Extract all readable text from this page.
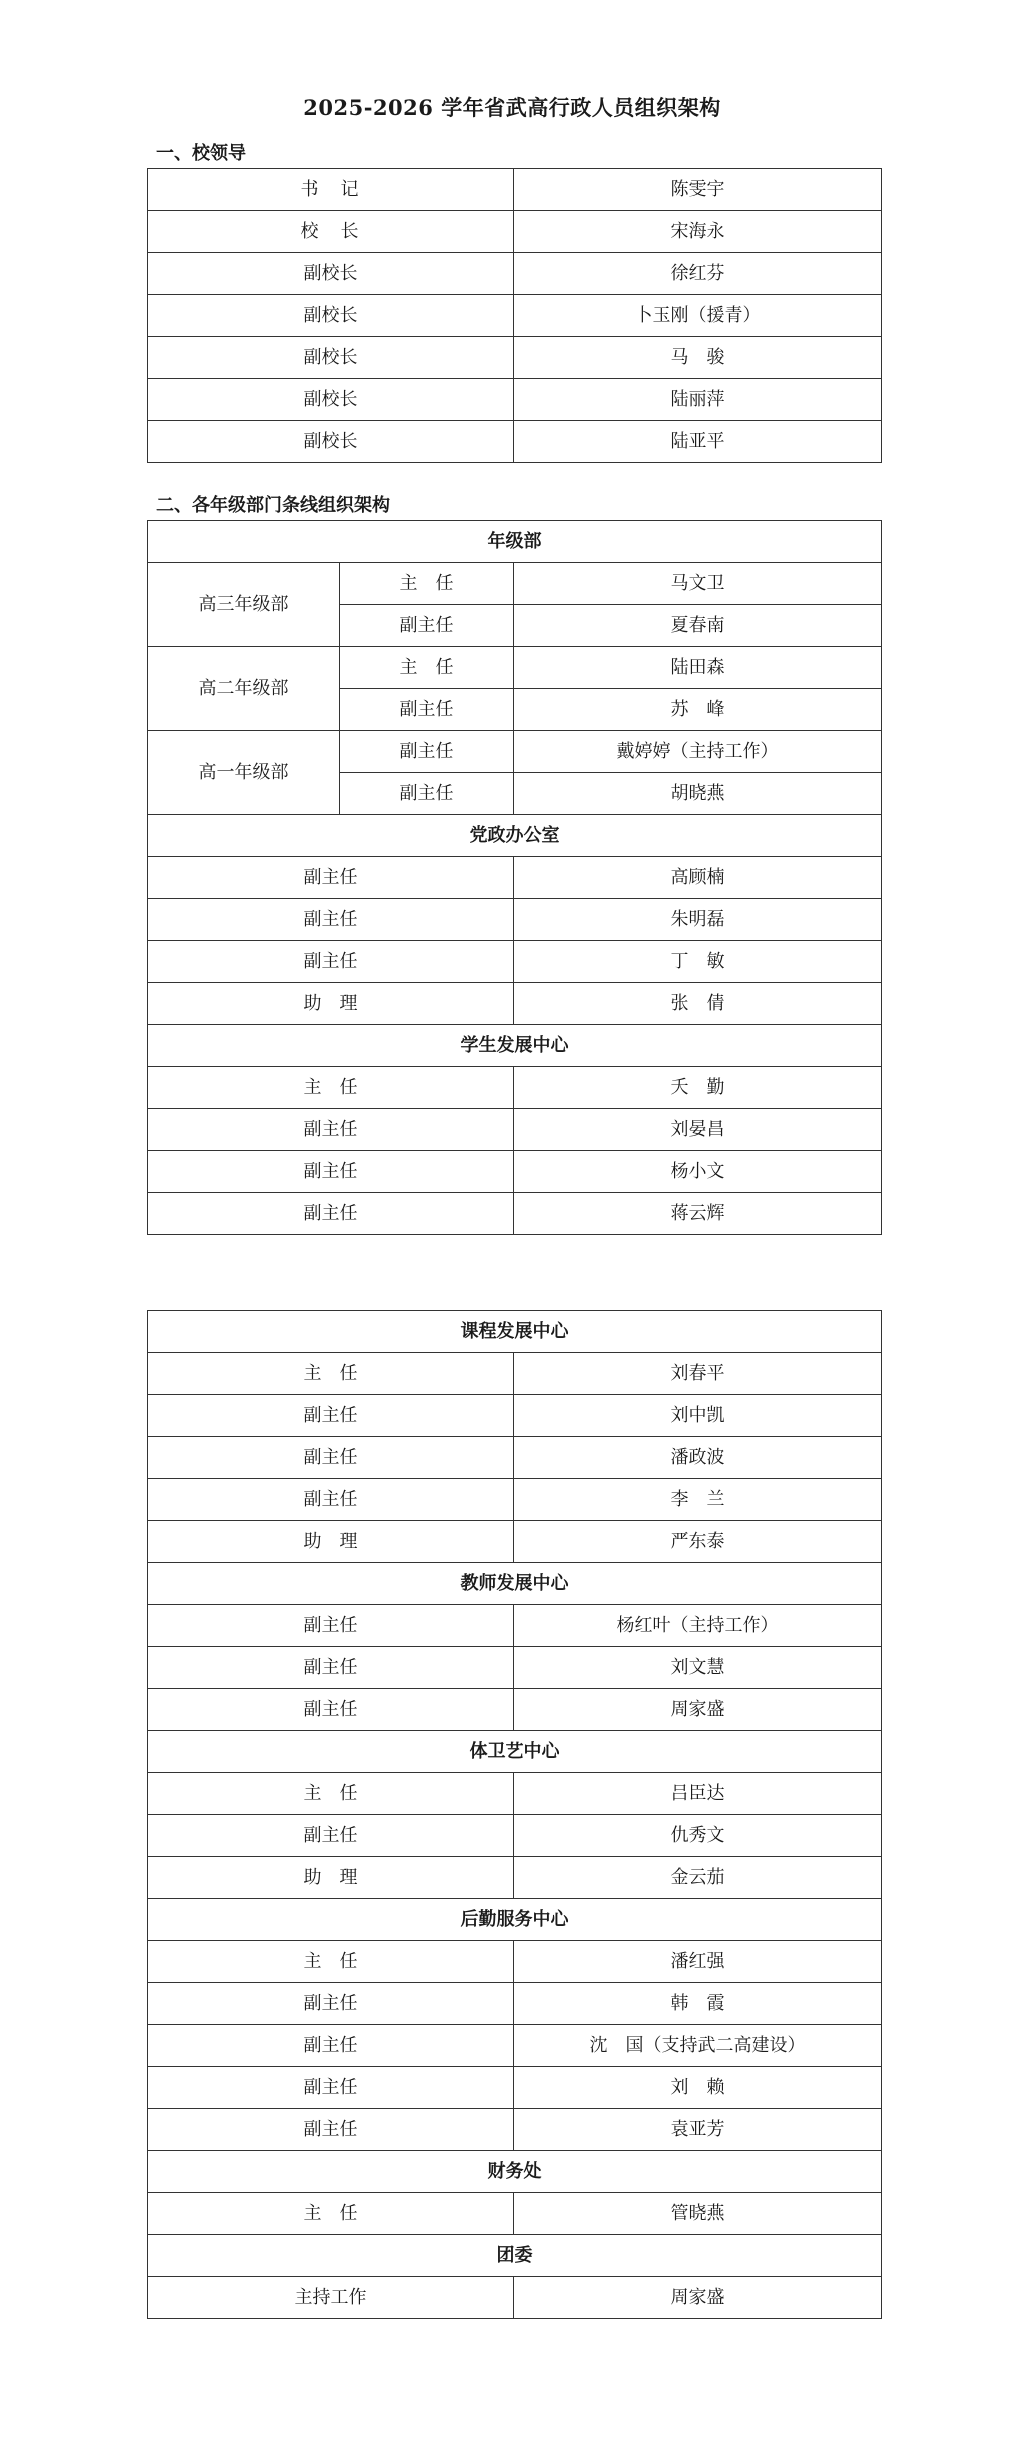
2025-2026 学年省武高行政人员组织架构
一、校领导
书　记	陈雯宇
校　长	宋海永
副校长	徐红芬
副校长	卜玉刚（援青）
副校长	马　骏
副校长	陆丽萍
副校长	陆亚平
二、各年级部门条线组织架构
年级部		
高三年级部	主　任	马文卫
	副主任	夏春南
高二年级部	主　任	陆田森
	副主任	苏　峰
高一年级部	副主任	戴婷婷（主持工作）
	副主任	胡晓燕
党政办公室		
副主任		高顾楠
副主任		朱明磊
副主任		丁　敏
助　理		张　倩
学生发展中心		
主　任		夭　勤
副主任		刘晏昌
副主任		杨小文
副主任		蒋云辉
课程发展中心	
主　任	刘春平
副主任	刘中凯
副主任	潘政波
副主任	李　兰
助　理	严东泰
教师发展中心	
副主任	杨红叶（主持工作）
副主任	刘文慧
副主任	周家盛
体卫艺中心	
主　任	吕臣达
副主任	仇秀文
助　理	金云茄
后勤服务中心	
主　任	潘红强
副主任	韩　霞
副主任	沈　国（支持武二高建设）
副主任	刘　赖
副主任	袁亚芳
财务处	
主　任	管晓燕
团委	
主持工作	周家盛
